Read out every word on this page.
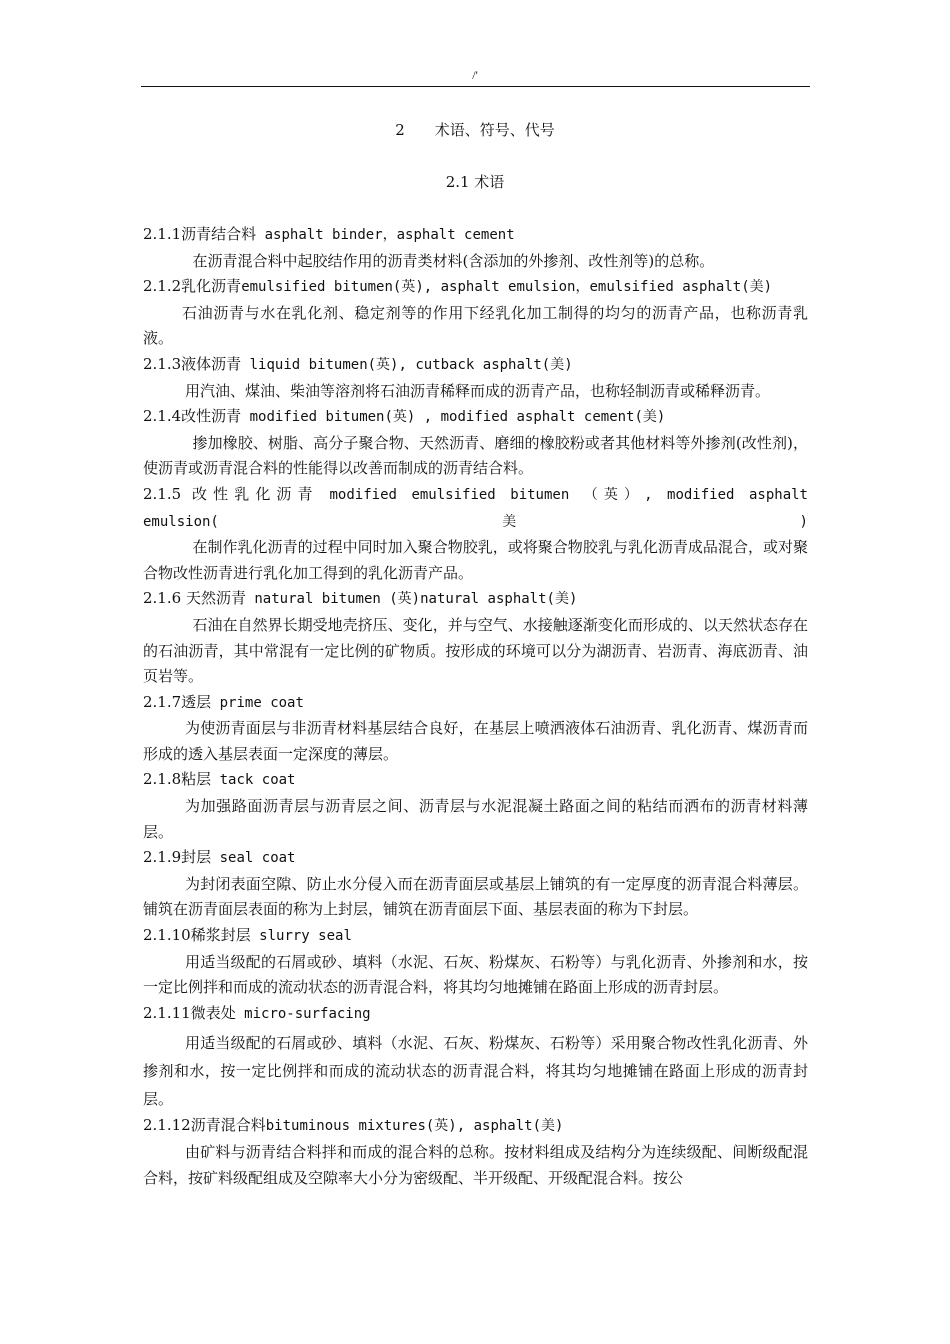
/'
2 术语、符号、代号
2.1 术语

2.1.1沥青结合料 asphalt binder，asphalt cement

在沥青混合料中起胶结作用的沥青类材料(含添加的外掺剂、改性剂等)的总称。

2.1.2乳化沥青emulsified bitumen(英), asphalt emulsion，emulsified asphalt(美)

石油沥青与水在乳化剂、稳定剂等的作用下经乳化加工制得的均匀的沥青产品，也称沥青乳液。

2.1.3液体沥青 liquid bitumen(英), cutback asphalt(美)

用汽油、煤油、柴油等溶剂将石油沥青稀释而成的沥青产品，也称轻制沥青或稀释沥青。

2.1.4改性沥青 modified bitumen(英) , modified asphalt cement(美)

掺加橡胶、树脂、高分子聚合物、天然沥青、磨细的橡胶粉或者其他材料等外掺剂(改性剂)，使沥青或沥青混合料的性能得以改善而制成的沥青结合料。

2.1.5 改性乳化沥青 modified emulsified bitumen （英）, modified asphalt emulsion(美)

在制作乳化沥青的过程中同时加入聚合物胶乳，或将聚合物胶乳与乳化沥青成品混合，或对聚合物改性沥青进行乳化加工得到的乳化沥青产品。

2.1.6 天然沥青 natural bitumen (英)natural asphalt(美)

石油在自然界长期受地壳挤压、变化，并与空气、水接触逐渐变化而形成的、以天然状态存在的石油沥青，其中常混有一定比例的矿物质。按形成的环境可以分为湖沥青、岩沥青、海底沥青、油页岩等。

2.1.7透层 prime coat

为使沥青面层与非沥青材料基层结合良好，在基层上喷洒液体石油沥青、乳化沥青、煤沥青而形成的透入基层表面一定深度的薄层。

2.1.8粘层 tack coat

为加强路面沥青层与沥青层之间、沥青层与水泥混凝土路面之间的粘结而洒布的沥青材料薄层。

2.1.9封层 seal coat

为封闭表面空隙、防止水分侵入而在沥青面层或基层上铺筑的有一定厚度的沥青混合料薄层。铺筑在沥青面层表面的称为上封层，铺筑在沥青面层下面、基层表面的称为下封层。

2.1.10稀浆封层 slurry seal

用适当级配的石屑或砂、填料（水泥、石灰、粉煤灰、石粉等）与乳化沥青、外掺剂和水，按一定比例拌和而成的流动状态的沥青混合料，将其均匀地摊铺在路面上形成的沥青封层。

2.1.11微表处 micro-surfacing

用适当级配的石屑或砂、填料（水泥、石灰、粉煤灰、石粉等）采用聚合物改性乳化沥青、外掺剂和水，按一定比例拌和而成的流动状态的沥青混合料，将其均匀地摊铺在路面上形成的沥青封层。

2.1.12沥青混合料bituminous mixtures(英), asphalt(美)

由矿料与沥青结合料拌和而成的混合料的总称。按材料组成及结构分为连续级配、间断级配混合料，按矿料级配组成及空隙率大小分为密级配、半开级配、开级配混合料。按公
